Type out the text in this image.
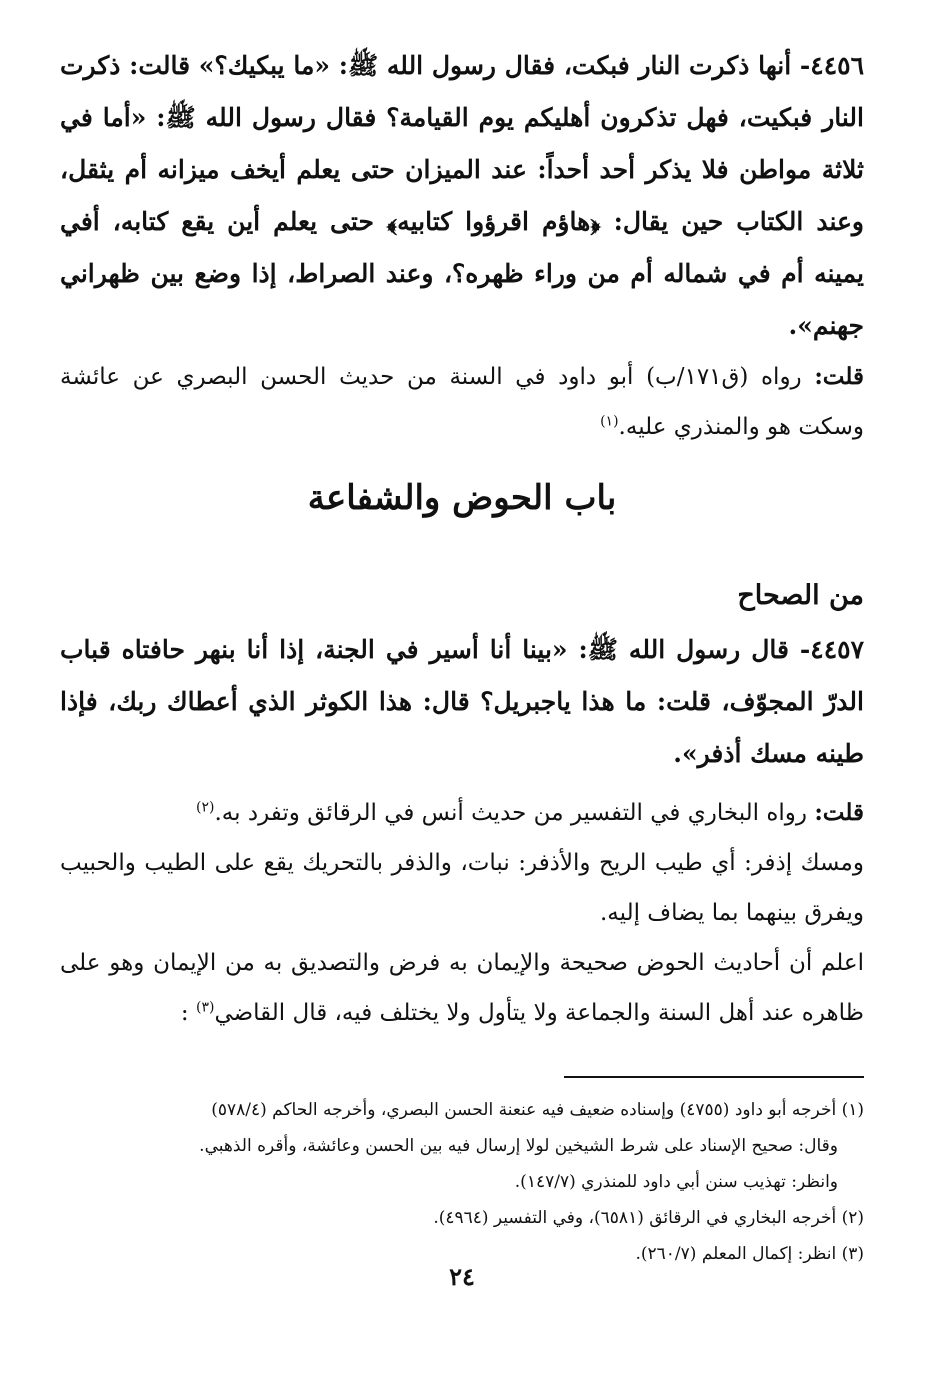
٤٤٥٦- أنها ذكرت النار فبكت، فقال رسول الله ﷺ: «ما يبكيك؟» قالت: ذكرت النار فبكيت، فهل تذكرون أهليكم يوم القيامة؟ فقال رسول الله ﷺ: «أما في ثلاثة مواطن فلا يذكر أحد أحداً: عند الميزان حتى يعلم أيخف ميزانه أم يثقل، وعند الكتاب حين يقال: ﴿هاؤم اقرؤوا كتابيه﴾ حتى يعلم أين يقع كتابه، أفي يمينه أم في شماله أم من وراء ظهره؟، وعند الصراط، إذا وضع بين ظهراني جهنم».

قلت: رواه (ق١٧١/ب) أبو داود في السنة من حديث الحسن البصري عن عائشة وسكت هو والمنذري عليه.$^{(١)}$

باب الحوض والشفاعة
من الصحاح

٤٤٥٧- قال رسول الله ﷺ: «بينا أنا أسير في الجنة، إذا أنا بنهر حافتاه قباب الدرّ المجوّف، قلت: ما هذا ياجبريل؟ قال: هذا الكوثر الذي أعطاك ربك، فإذا طينه مسك أذفر».

قلت: رواه البخاري في التفسير من حديث أنس في الرقائق وتفرد به.$^{(٢)}$

ومسك إذفر: أي طيب الريح والأذفر: نبات، والذفر بالتحريك يقع على الطيب والحبيب ويفرق بينهما بما يضاف إليه.

اعلم أن أحاديث الحوض صحيحة والإيمان به فرض والتصديق به من الإيمان وهو على ظاهره عند أهل السنة والجماعة ولا يتأول ولا يختلف فيه، قال القاضي$^{(٣)}$ :

(١) أخرجه أبو داود (٤٧٥٥) وإسناده ضعيف فيه عنعنة الحسن البصري، وأخرجه الحاكم (٥٧٨/٤)

وقال: صحيح الإسناد على شرط الشيخين لولا إرسال فيه بين الحسن وعائشة، وأقره الذهبي.

وانظر: تهذيب سنن أبي داود للمنذري (١٤٧/٧).

(٢) أخرجه البخاري في الرقائق (٦٥٨١)، وفي التفسير (٤٩٦٤).

(٣) انظر: إكمال المعلم (٢٦٠/٧).

٢٤
